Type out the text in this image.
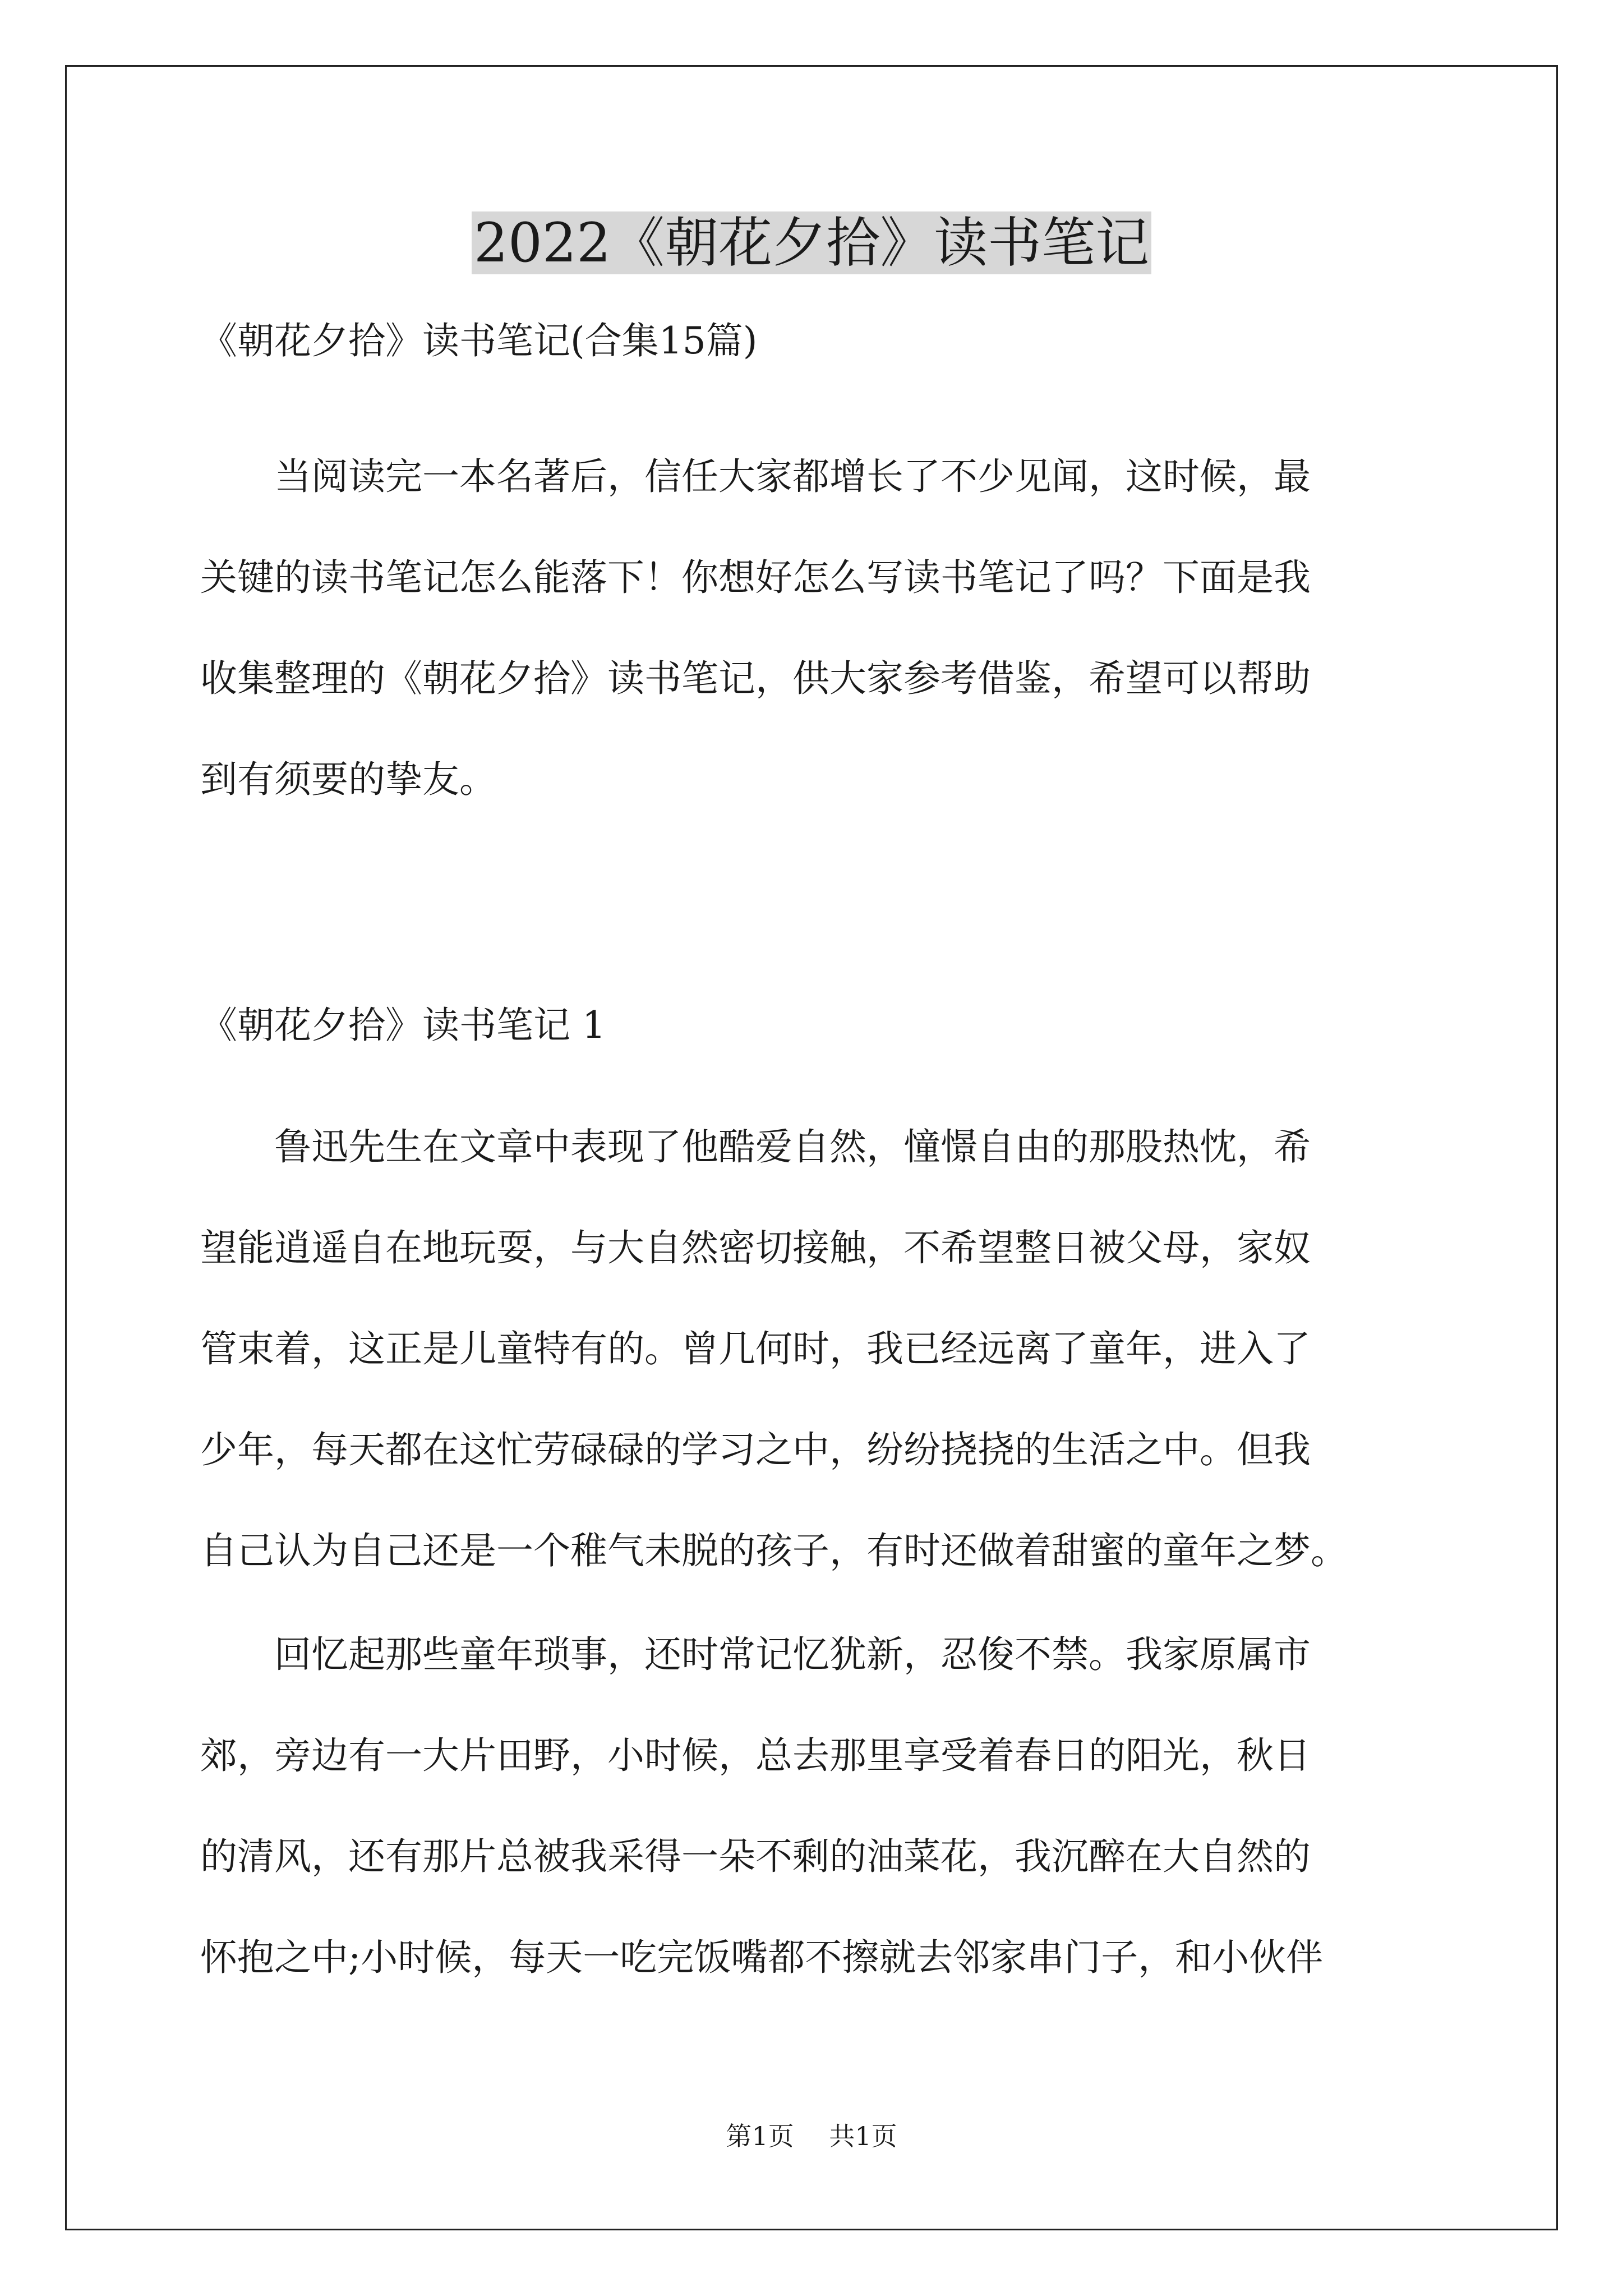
2022《朝花夕拾》读书笔记

《朝花夕拾》读书笔记(合集15篇)

　　当阅读完一本名著后，信任大家都增长了不少见闻，这时候，最
关键的读书笔记怎么能落下！你想好怎么写读书笔记了吗？下面是我
收集整理的《朝花夕拾》读书笔记，供大家参考借鉴，希望可以帮助
到有须要的挚友。

《朝花夕拾》读书笔记 1

　　鲁迅先生在文章中表现了他酷爱自然，憧憬自由的那股热忱，希
望能逍遥自在地玩耍，与大自然密切接触，不希望整日被父母，家奴
管束着，这正是儿童特有的。曾几何时，我已经远离了童年，进入了
少年，每天都在这忙劳碌碌的学习之中，纷纷挠挠的生活之中。但我
自己认为自己还是一个稚气未脱的孩子，有时还做着甜蜜的童年之梦。
　　回忆起那些童年琐事，还时常记忆犹新，忍俊不禁。我家原属市
郊，旁边有一大片田野，小时候，总去那里享受着春日的阳光，秋日
的清风，还有那片总被我采得一朵不剩的油菜花，我沉醉在大自然的
怀抱之中;小时候，每天一吃完饭嘴都不擦就去邻家串门子，和小伙伴
第1页 共1页
